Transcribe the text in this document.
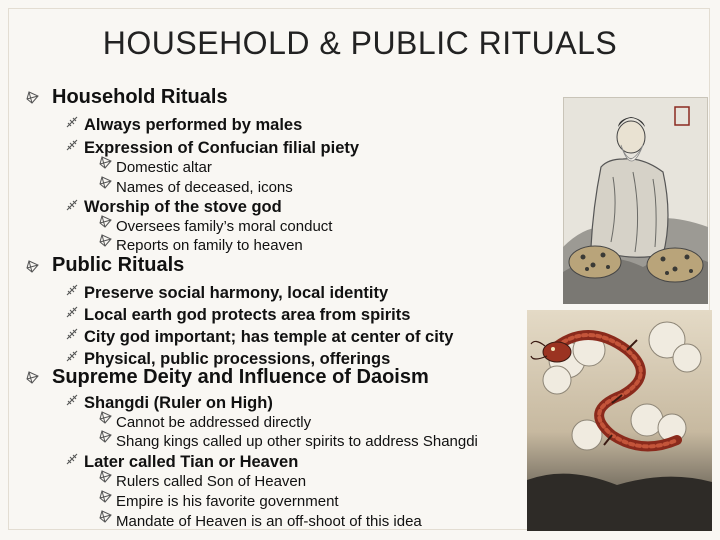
HOUSEHOLD & PUBLIC RITUALS
Household Rituals
Always performed by males
Expression of Confucian filial piety
Domestic altar
Names of deceased, icons
Worship of the stove god
Oversees family’s moral conduct
Reports on family to heaven
Public Rituals
Preserve social harmony, local identity
Local earth god protects area from spirits
City god important; has temple at center of city
Physical, public processions, offerings
Supreme Deity and Influence of Daoism
Shangdi (Ruler on High)
Cannot be addressed directly
Shang kings called up other spirits to address Shangdi
Later called Tian or Heaven
Rulers called Son of Heaven
Empire is his favorite government
Mandate of Heaven is an off-shoot of this idea
